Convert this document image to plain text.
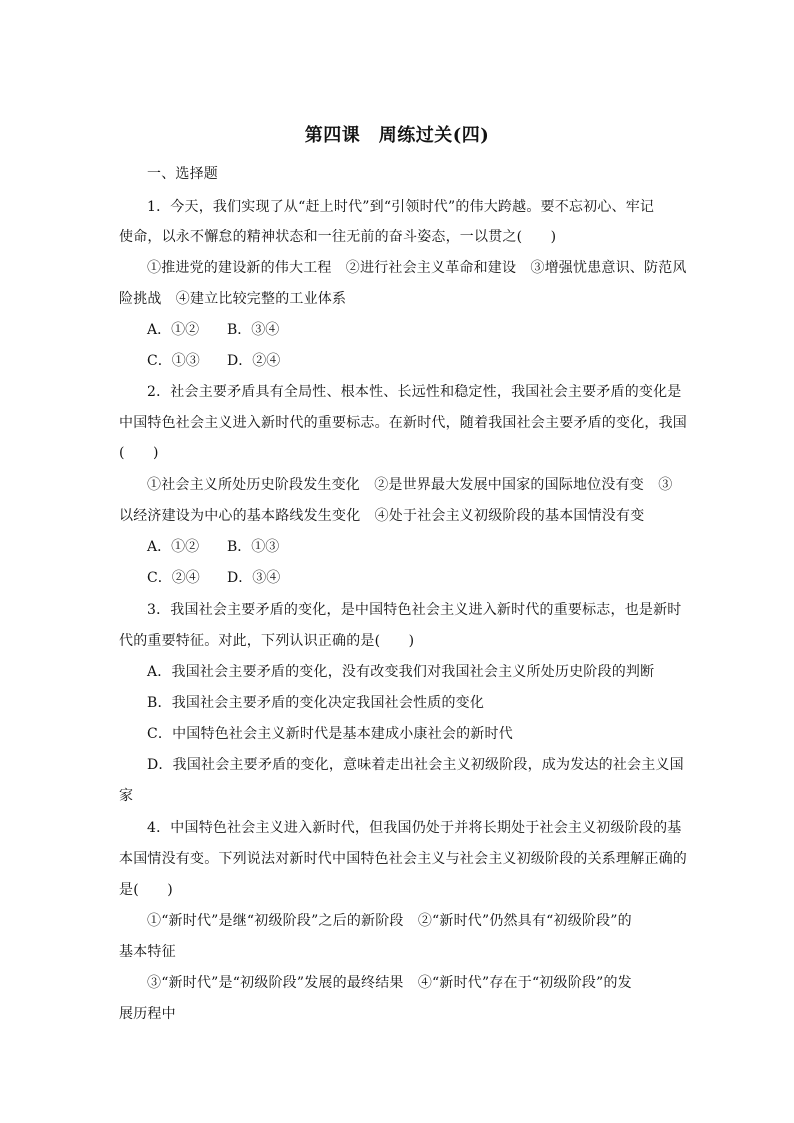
第四课　周练过关(四)
一、选择题
1．今天，我们实现了从“赶上时代”到“引领时代”的伟大跨越。要不忘初心、牢记
使命，以永不懈怠的精神状态和一往无前的奋斗姿态，一以贯之(　　)
①推进党的建设新的伟大工程　②进行社会主义革命和建设　③增强忧患意识、防范风
险挑战　④建立比较完整的工业体系
A．①② B．③④
C．①③ D．②④
2．社会主要矛盾具有全局性、根本性、长远性和稳定性，我国社会主要矛盾的变化是
中国特色社会主义进入新时代的重要标志。在新时代，随着我国社会主要矛盾的变化，我国
(　　)
①社会主义所处历史阶段发生变化　②是世界最大发展中国家的国际地位没有变　③
以经济建设为中心的基本路线发生变化　④处于社会主义初级阶段的基本国情没有变
A．①② B．①③
C．②④ D．③④
3．我国社会主要矛盾的变化，是中国特色社会主义进入新时代的重要标志，也是新时
代的重要特征。对此，下列认识正确的是(　　)
A．我国社会主要矛盾的变化，没有改变我们对我国社会主义所处历史阶段的判断
B．我国社会主要矛盾的变化决定我国社会性质的变化
C．中国特色社会主义新时代是基本建成小康社会的新时代
D．我国社会主要矛盾的变化，意味着走出社会主义初级阶段，成为发达的社会主义国
家
4．中国特色社会主义进入新时代，但我国仍处于并将长期处于社会主义初级阶段的基
本国情没有变。下列说法对新时代中国特色社会主义与社会主义初级阶段的关系理解正确的
是(　　)
①“新时代”是继“初级阶段”之后的新阶段　②“新时代”仍然具有“初级阶段”的
基本特征
③“新时代”是“初级阶段”发展的最终结果　④“新时代”存在于“初级阶段”的发
展历程中
